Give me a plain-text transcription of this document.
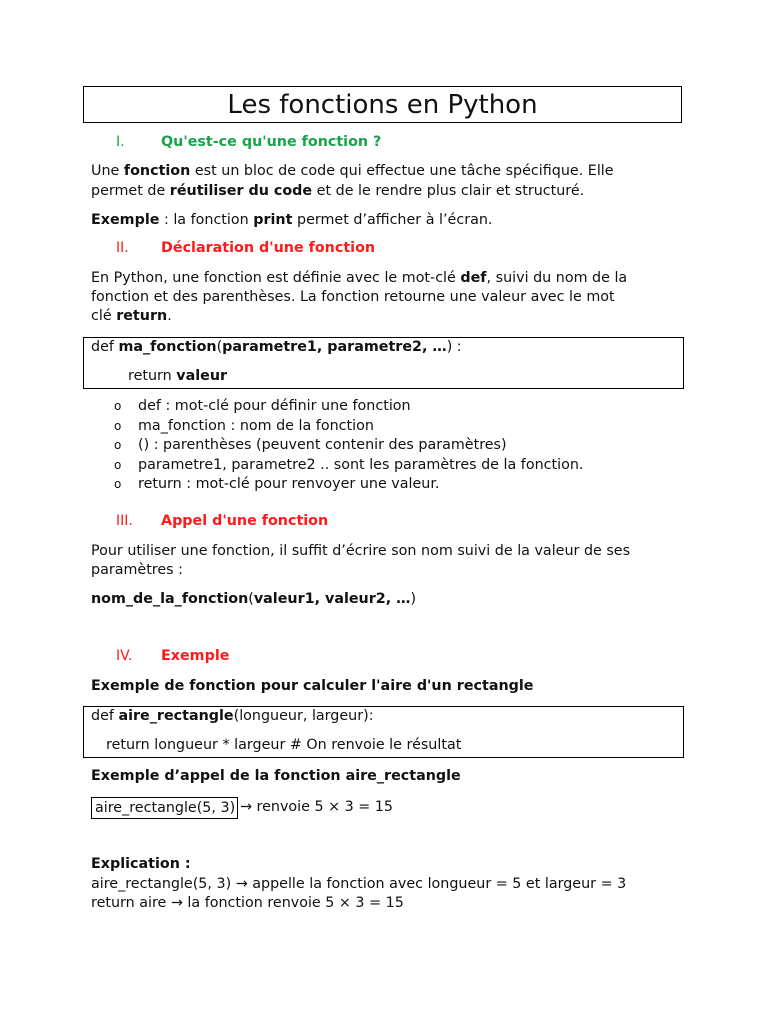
Les fonctions en Python
I.	Qu'est-ce qu'une fonction ?
Une fonction est un bloc de code qui effectue une tâche spécifique. Elle
permet de réutiliser du code et de le rendre plus clair et structuré.
Exemple : la fonction print permet d’afficher à l’écran.
II. Déclaration d'une fonction
En Python, une fonction est définie avec le mot-clé def, suivi du nom de la
fonction et des parenthèses. La fonction retourne une valeur avec le mot
clé return.
def ma_fonction(parametre1, parametre2, …) :
return valeur
o def : mot-clé pour définir une fonction
o ma_fonction : nom de la fonction
o () : parenthèses (peuvent contenir des paramètres)
o parametre1, parametre2 .. sont les paramètres de la fonction.
o return : mot-clé pour renvoyer une valeur.
III. Appel d'une fonction
Pour utiliser une fonction, il suffit d’écrire son nom suivi de la valeur de ses
paramètres :
nom_de_la_fonction(valeur1, valeur2, …)
IV. Exemple
Exemple de fonction pour calculer l'aire d'un rectangle
def aire_rectangle(longueur, largeur):
return longueur * largeur # On renvoie le résultat
Exemple d’appel de la fonction aire_rectangle
aire_rectangle(5, 3) → renvoie 5 × 3 = 15
Explication :
aire_rectangle(5, 3) → appelle la fonction avec longueur = 5 et largeur = 3
return aire → la fonction renvoie 5 × 3 = 15
